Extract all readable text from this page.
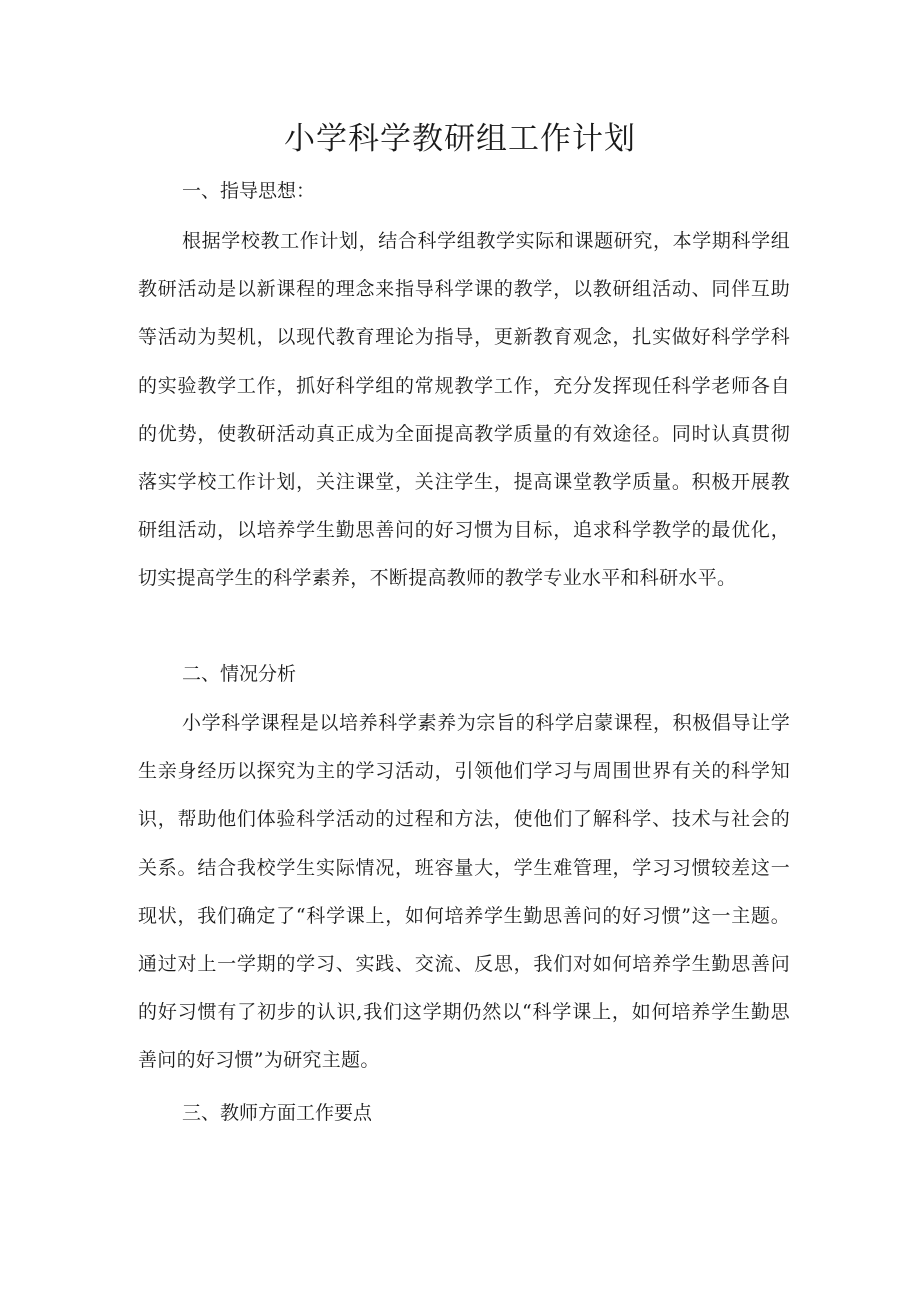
小学科学教研组工作计划
一、指导思想：

根据学校教工作计划，结合科学组教学实际和课题研究，本学期科学组教研活动是以新课程的理念来指导科学课的教学，以教研组活动、同伴互助等活动为契机，以现代教育理论为指导，更新教育观念，扎实做好科学学科的实验教学工作，抓好科学组的常规教学工作，充分发挥现任科学老师各自的优势，使教研活动真正成为全面提高教学质量的有效途径。同时认真贯彻落实学校工作计划，关注课堂，关注学生，提高课堂教学质量。积极开展教研组活动，以培养学生勤思善问的好习惯为目标，追求科学教学的最优化，切实提高学生的科学素养，不断提高教师的教学专业水平和科研水平。

二、情况分析

小学科学课程是以培养科学素养为宗旨的科学启蒙课程，积极倡导让学生亲身经历以探究为主的学习活动，引领他们学习与周围世界有关的科学知识，帮助他们体验科学活动的过程和方法，使他们了解科学、技术与社会的关系。结合我校学生实际情况，班容量大，学生难管理，学习习惯较差这一现状，我们确定了“科学课上，如何培养学生勤思善问的好习惯”这一主题。通过对上一学期的学习、实践、交流、反思，我们对如何培养学生勤思善问的好习惯有了初步的认识,我们这学期仍然以“科学课上，如何培养学生勤思善问的好习惯”为研究主题。

三、教师方面工作要点
